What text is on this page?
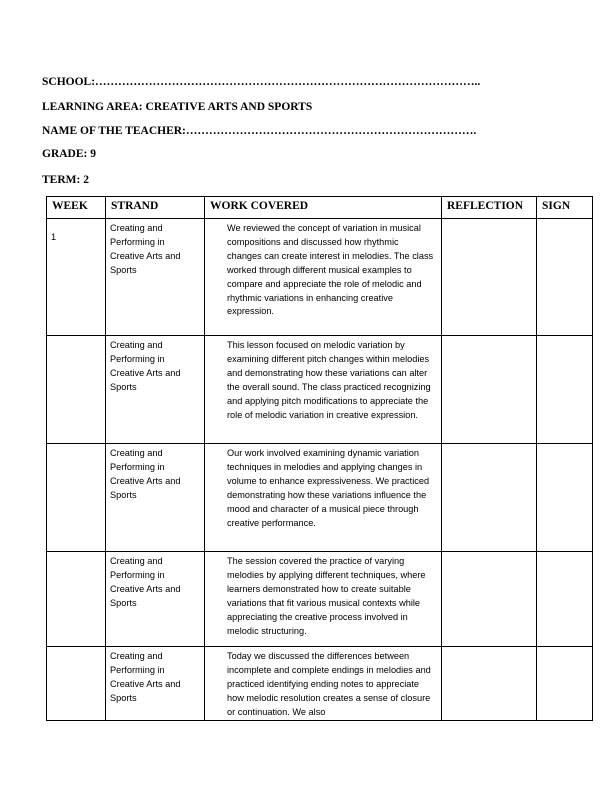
SCHOOL:………………………………………………………………………………………..
LEARNING AREA: CREATIVE ARTS AND SPORTS
NAME OF THE TEACHER:………………………………………………………………….
GRADE: 9
TERM: 2
WEEK	STRAND	WORK COVERED	REFLECTION	SIGN
1	Creating and Performing in Creative Arts and Sports	We reviewed the concept of variation in musical compositions and discussed how rhythmic changes can create interest in melodies. The class worked through different musical examples to compare and appreciate the role of melodic and rhythmic variations in enhancing creative expression.		
	Creating and Performing in Creative Arts and Sports	This lesson focused on melodic variation by examining different pitch changes within melodies and demonstrating how these variations can alter the overall sound. The class practiced recognizing and applying pitch modifications to appreciate the role of melodic variation in creative expression.		
	Creating and Performing in Creative Arts and Sports	Our work involved examining dynamic variation techniques in melodies and applying changes in volume to enhance expressiveness. We practiced demonstrating how these variations influence the mood and character of a musical piece through creative performance.		
	Creating and Performing in Creative Arts and Sports	The session covered the practice of varying melodies by applying different techniques, where learners demonstrated how to create suitable variations that fit various musical contexts while appreciating the creative process involved in melodic structuring.		
	Creating and Performing in Creative Arts and Sports	Today we discussed the differences between incomplete and complete endings in melodies and practiced identifying ending notes to appreciate how melodic resolution creates a sense of closure or continuation. We also		
